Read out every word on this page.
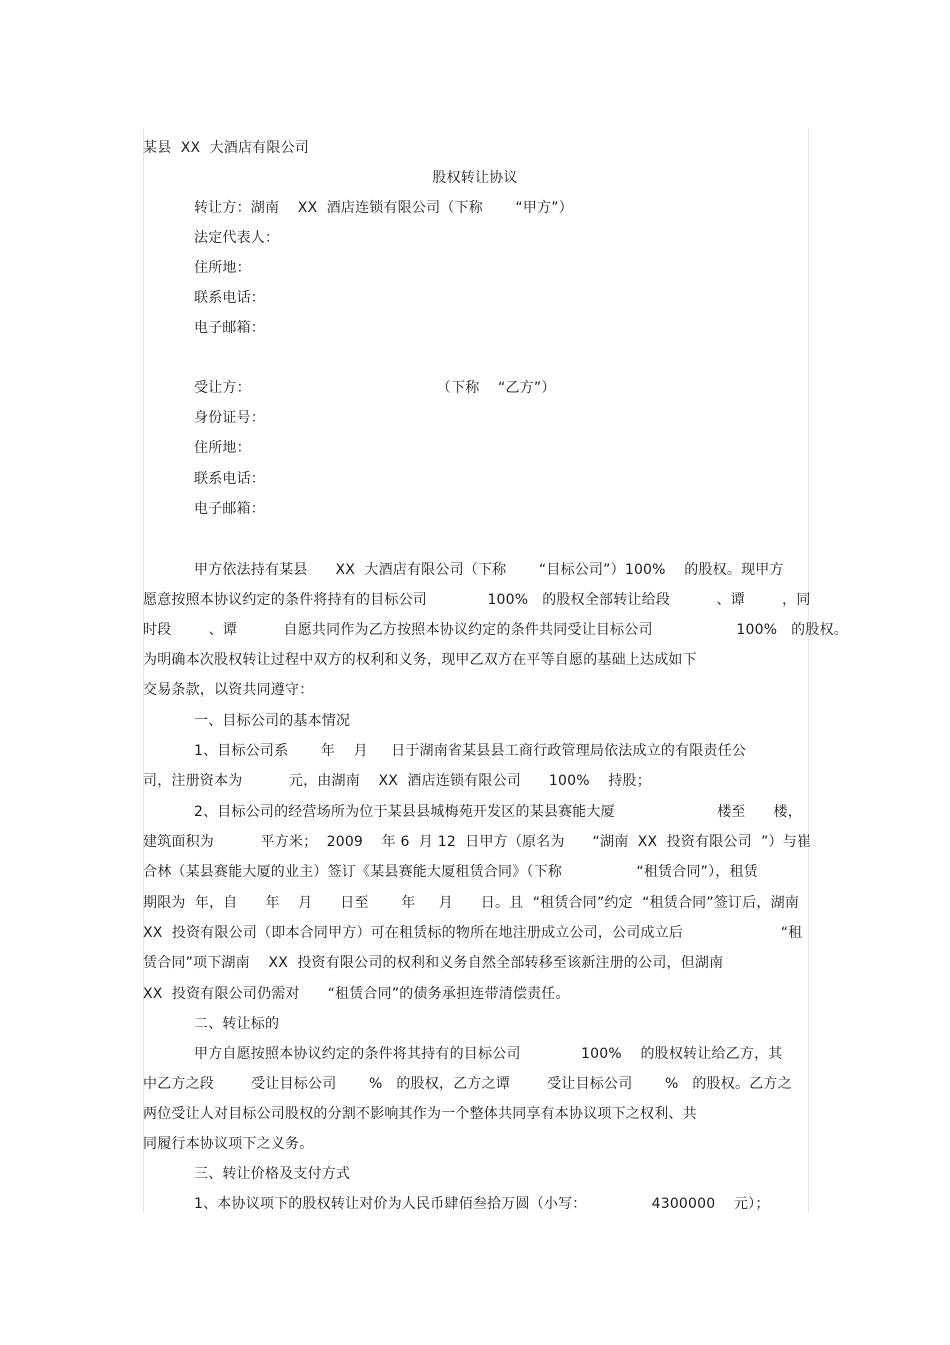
某县  XX  大酒店有限公司
股权转让协议
转让方：湖南    XX  酒店连锁有限公司（下称       “甲方”）
法定代表人：
住所地：
联系电话：
电子邮箱：
受让方：                                        （下称    “乙方”）
身份证号：
住所地：
联系电话：
电子邮箱：
甲方依法持有某县      XX  大酒店有限公司（下称       “目标公司”）100%    的股权。现甲方
愿意按照本协议约定的条件将持有的目标公司             100%   的股权全部转让给段          、谭        ，同
时段        、谭          自愿共同作为乙方按照本协议约定的条件共同受让目标公司                  100%   的股权。
为明确本次股权转让过程中双方的权利和义务，现甲乙双方在平等自愿的基础上达成如下
交易条款，以资共同遵守：
一、目标公司的基本情况
1、目标公司系       年    月     日于湖南省某县县工商行政管理局依法成立的有限责任公
司，注册资本为          元，由湖南    XX  酒店连锁有限公司      100%    持股；
2、目标公司的经营场所为位于某县县城梅苑开发区的某县赛能大厦                      楼至      楼，
建筑面积为          平方米；  2009    年 6  月 12  日甲方（原名为      “湖南  XX  投资有限公司  ”）与崔
合林（某县赛能大厦的业主）签订《某县赛能大厦租赁合同》（下称                “租赁合同”），租赁
期限为  年，自      年    月      日至       年     月      日。且  “租赁合同”约定  “租赁合同”签订后，湖南
XX  投资有限公司（即本合同甲方）可在租赁标的物所在地注册成立公司，公司成立后                     “租
赁合同”项下湖南    XX  投资有限公司的权利和义务自然全部转移至该新注册的公司，但湖南
XX  投资有限公司仍需对      “租赁合同”的债务承担连带清偿责任。
二、转让标的
甲方自愿按照本协议约定的条件将其持有的目标公司             100%    的股权转让给乙方，其
中乙方之段        受让目标公司       %   的股权，乙方之谭        受让目标公司       %   的股权。乙方之
两位受让人对目标公司股权的分割不影响其作为一个整体共同享有本协议项下之权利、共
同履行本协议项下之义务。
三、转让价格及支付方式
1、本协议项下的股权转让对价为人民币肆佰叁拾万圆（小写：              4300000    元）；
